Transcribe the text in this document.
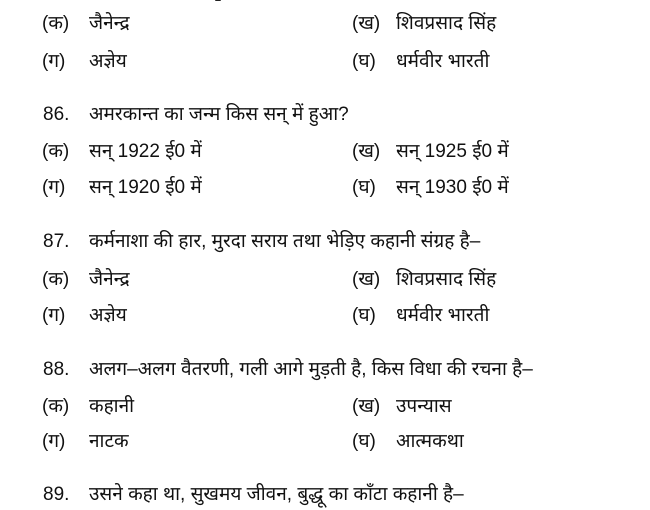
(क) जैनेन्द्र	(ख) शिवप्रसाद सिंह
(ग) अज्ञेय	(घ) धर्मवीर भारती
86. अमरकान्त का जन्म किस सन् में हुआ?
(क) सन् 1922 ई0 में	(ख) सन् 1925 ई0 में
(ग) सन् 1920 ई0 में	(घ) सन् 1930 ई0 में
87. कर्मनाशा की हार, मुरदा सराय तथा भेड़िए कहानी संग्रह है–
(क) जैनेन्द्र	(ख) शिवप्रसाद सिंह
(ग) अज्ञेय	(घ) धर्मवीर भारती
88. अलग–अलग वैतरणी, गली आगे मुड़ती है, किस विधा की रचना है–
(क) कहानी	(ख) उपन्यास
(ग) नाटक	(घ) आत्मकथा
89. उसने कहा था, सुखमय जीवन, बुद्धू का काँटा कहानी है–
